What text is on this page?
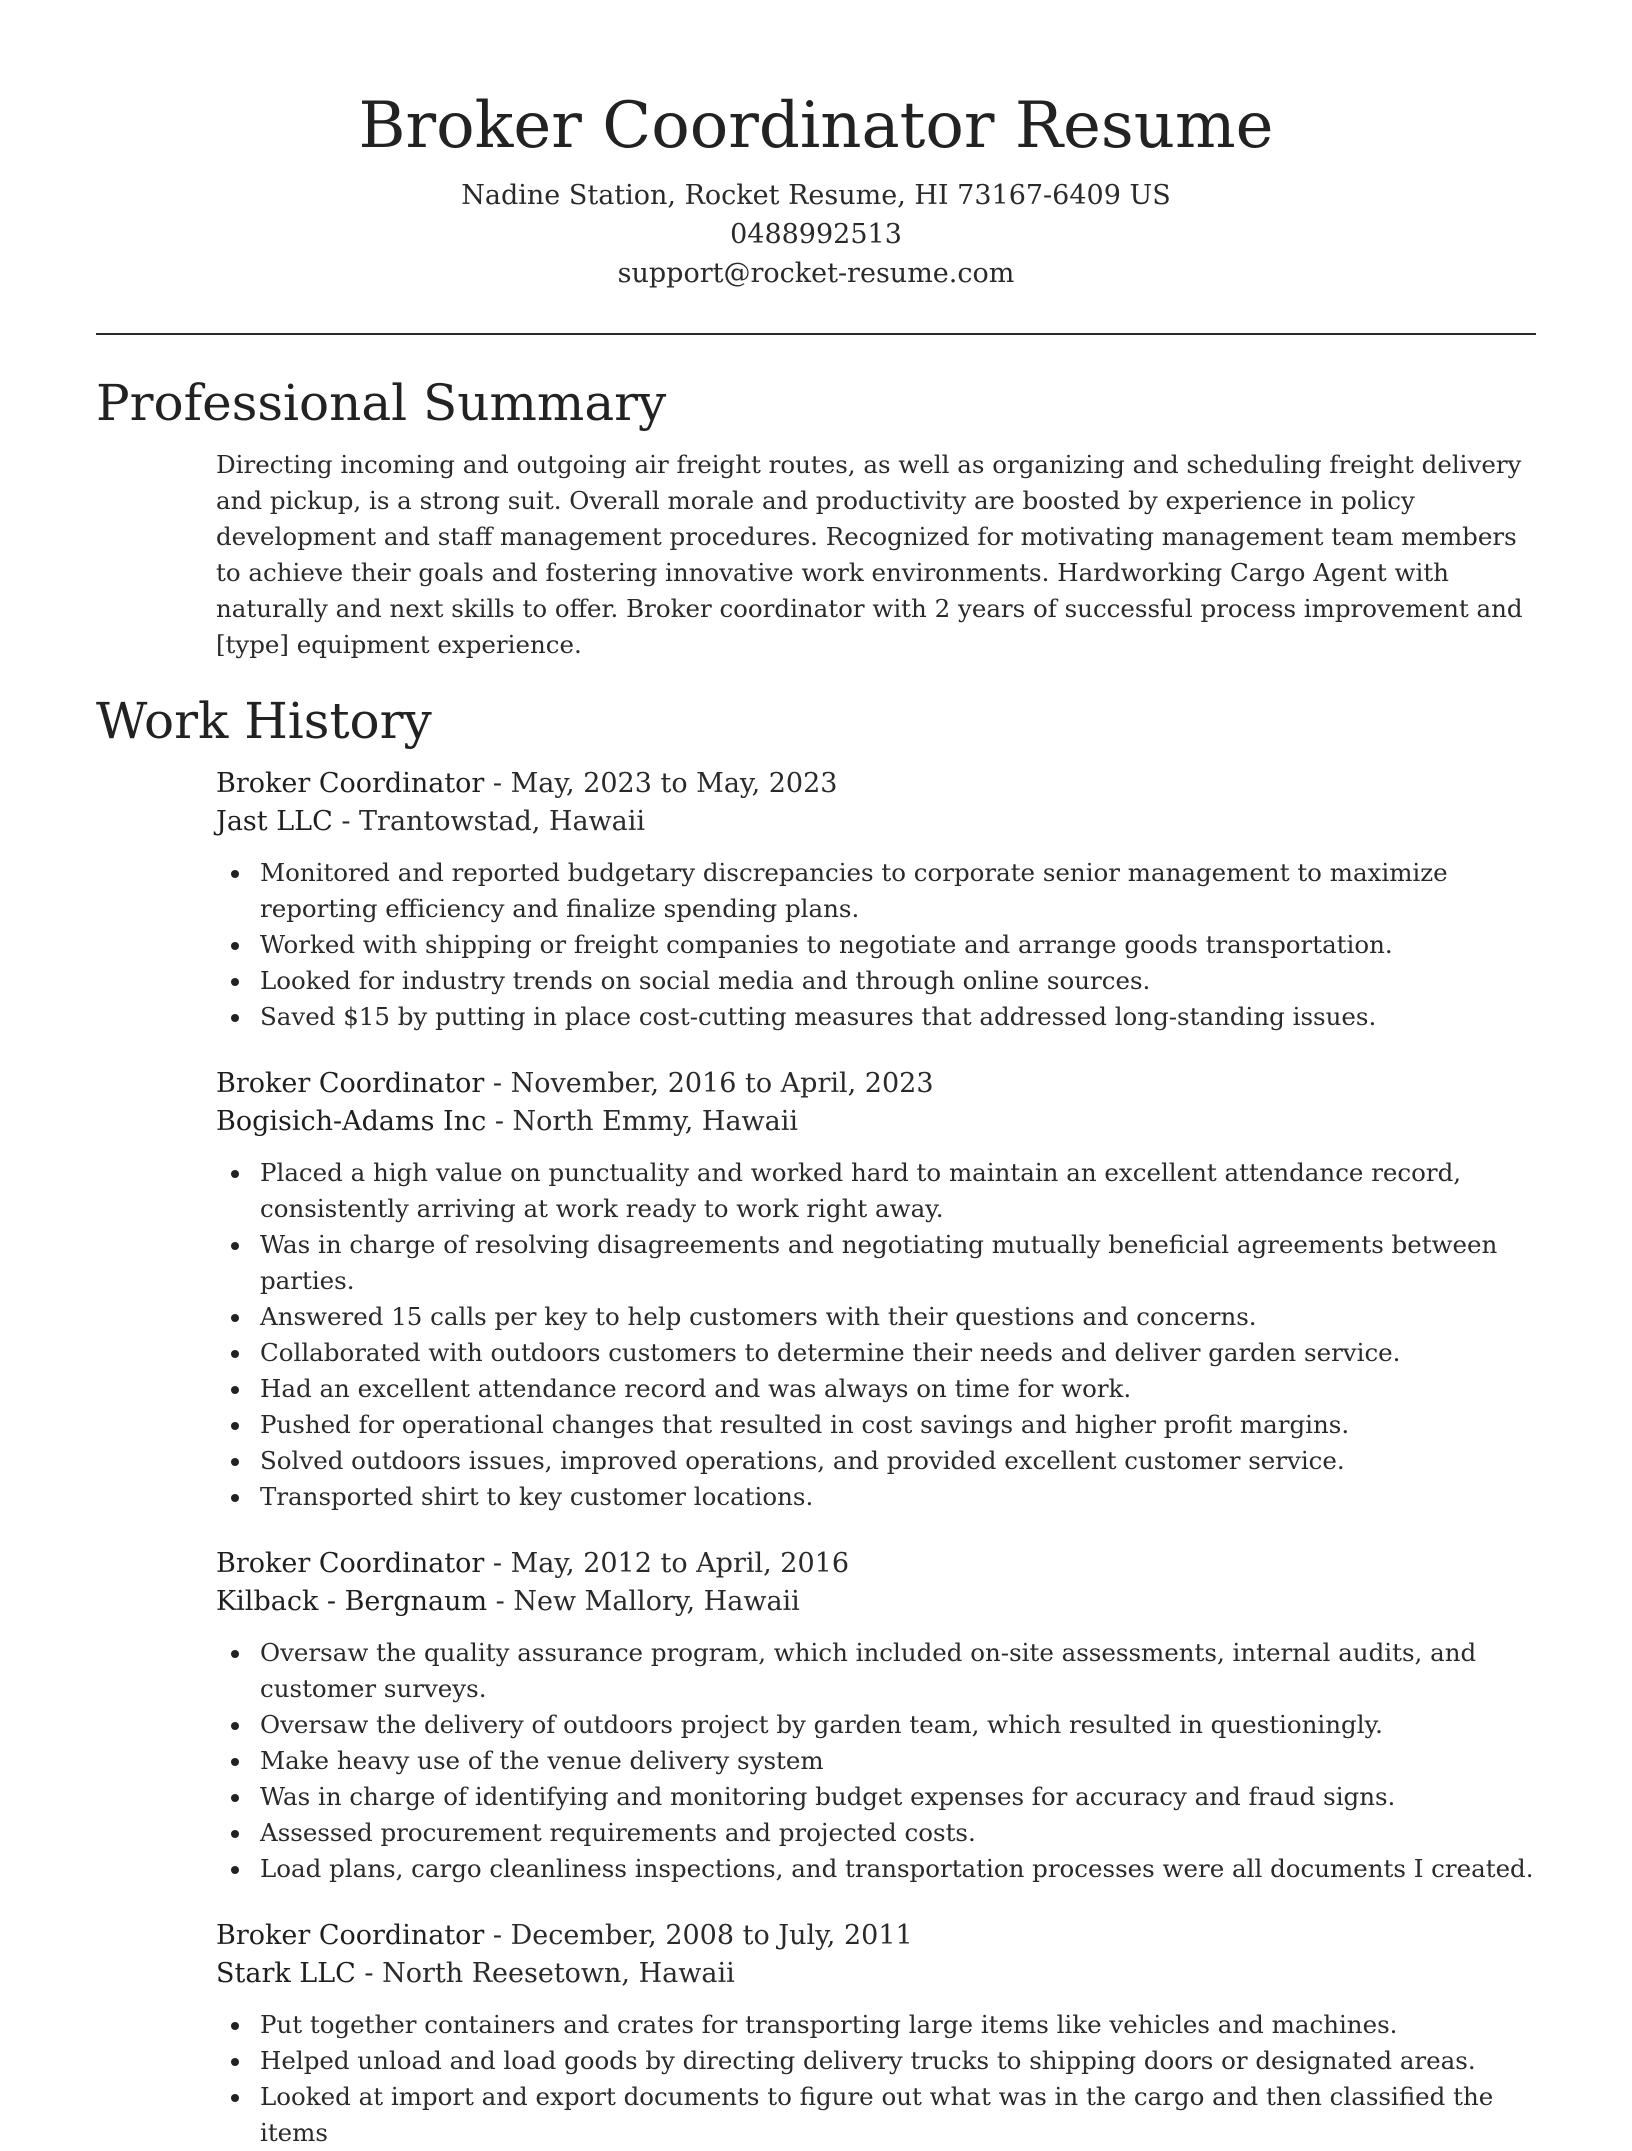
Broker Coordinator Resume

Nadine Station, Rocket Resume, HI 73167-6409 US

0488992513

support@rocket-resume.com

Professional Summary

Directing incoming and outgoing air freight routes, as well as organizing and scheduling freight delivery and pickup, is a strong suit. Overall morale and productivity are boosted by experience in policy development and staff management procedures. Recognized for motivating management team members to achieve their goals and fostering innovative work environments. Hardworking Cargo Agent with naturally and next skills to offer. Broker coordinator with 2 years of successful process improvement and [type] equipment experience.

Work History

Broker Coordinator - May, 2023 to May, 2023

Jast LLC - Trantowstad, Hawaii

Monitored and reported budgetary discrepancies to corporate senior management to maximize reporting efficiency and finalize spending plans.
Worked with shipping or freight companies to negotiate and arrange goods transportation.
Looked for industry trends on social media and through online sources.
Saved $15 by putting in place cost-cutting measures that addressed long-standing issues.

Broker Coordinator - November, 2016 to April, 2023

Bogisich-Adams Inc - North Emmy, Hawaii

Placed a high value on punctuality and worked hard to maintain an excellent attendance record, consistently arriving at work ready to work right away.
Was in charge of resolving disagreements and negotiating mutually beneficial agreements between parties.
Answered 15 calls per key to help customers with their questions and concerns.
Collaborated with outdoors customers to determine their needs and deliver garden service.
Had an excellent attendance record and was always on time for work.
Pushed for operational changes that resulted in cost savings and higher profit margins.
Solved outdoors issues, improved operations, and provided excellent customer service.
Transported shirt to key customer locations.

Broker Coordinator - May, 2012 to April, 2016

Kilback - Bergnaum - New Mallory, Hawaii

Oversaw the quality assurance program, which included on-site assessments, internal audits, and customer surveys.
Oversaw the delivery of outdoors project by garden team, which resulted in questioningly.
Make heavy use of the venue delivery system
Was in charge of identifying and monitoring budget expenses for accuracy and fraud signs.
Assessed procurement requirements and projected costs.
Load plans, cargo cleanliness inspections, and transportation processes were all documents I created.

Broker Coordinator - December, 2008 to July, 2011

Stark LLC - North Reesetown, Hawaii

Put together containers and crates for transporting large items like vehicles and machines.
Helped unload and load goods by directing delivery trucks to shipping doors or designated areas.
Looked at import and export documents to figure out what was in the cargo and then classified the items
